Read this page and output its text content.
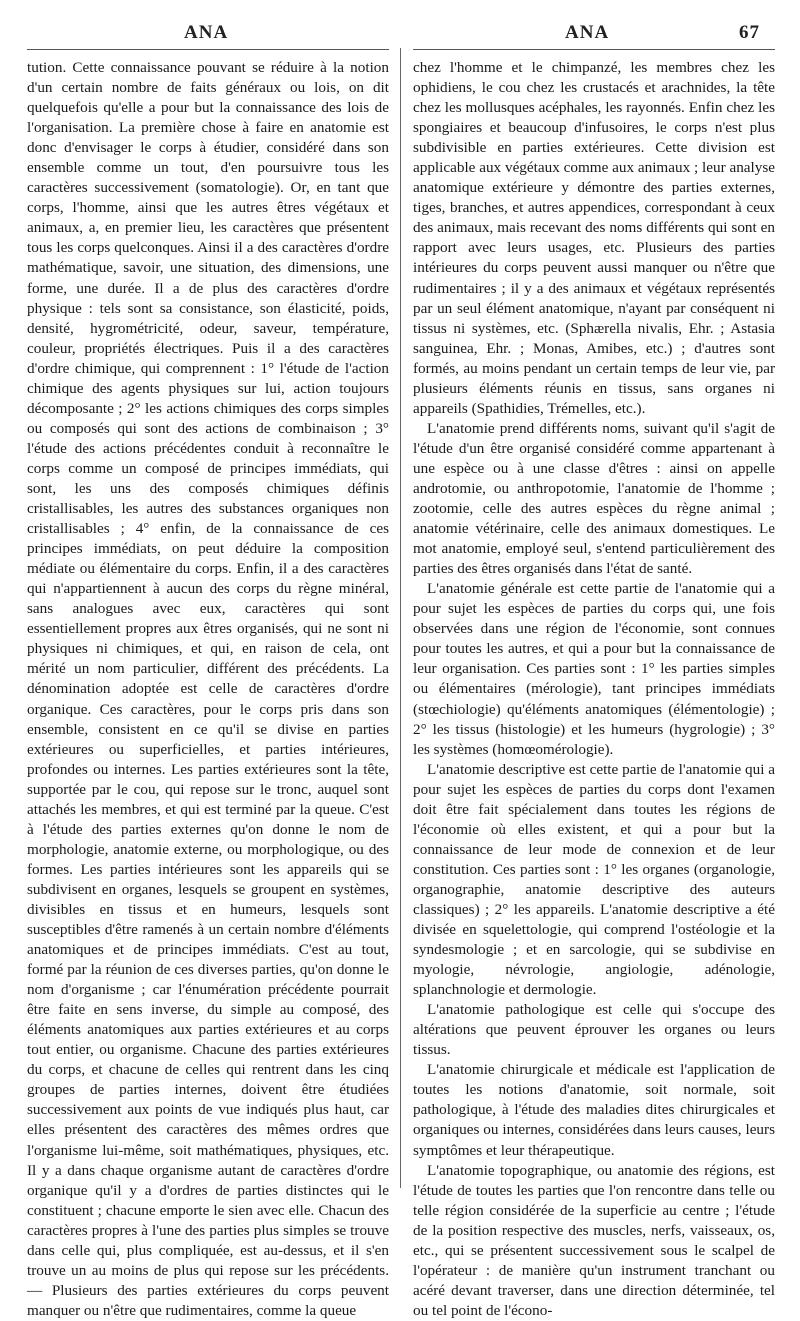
ANA	ANA	67

tution. Cette connaissance pouvant se réduire à la notion d'un certain nombre de faits généraux ou lois, on dit quelquefois qu'elle a pour but la connaissance des lois de l'organisation. La première chose à faire en anatomie est donc d'envisager le corps à étudier, considéré dans son ensemble comme un tout, d'en poursuivre tous les caractères successivement (somatologie). Or, en tant que corps, l'homme, ainsi que les autres êtres végétaux et animaux, a, en premier lieu, les caractères que présentent tous les corps quelconques. Ainsi il a des caractères d'ordre mathématique, savoir, une situation, des dimensions, une forme, une durée. Il a de plus des caractères d'ordre physique : tels sont sa consistance, son élasticité, poids, densité, hygrométricité, odeur, saveur, température, couleur, propriétés électriques. Puis il a des caractères d'ordre chimique, qui comprennent : 1° l'étude de l'action chimique des agents physiques sur lui, action toujours décomposante ; 2° les actions chimiques des corps simples ou composés qui sont des actions de combinaison ; 3° l'étude des actions précédentes conduit à reconnaître le corps comme un composé de principes immédiats, qui sont, les uns des composés chimiques définis cristallisables, les autres des substances organiques non cristallisables ; 4° enfin, de la connaissance de ces principes immédiats, on peut déduire la composition médiate ou élémentaire du corps. Enfin, il a des caractères qui n'appartiennent à aucun des corps du règne minéral, sans analogues avec eux, caractères qui sont essentiellement propres aux êtres organisés, qui ne sont ni physiques ni chimiques, et qui, en raison de cela, ont mérité un nom particulier, différent des précédents. La dénomination adoptée est celle de caractères d'ordre organique. Ces caractères, pour le corps pris dans son ensemble, consistent en ce qu'il se divise en parties extérieures ou superficielles, et parties intérieures, profondes ou internes. Les parties extérieures sont la tête, supportée par le cou, qui repose sur le tronc, auquel sont attachés les membres, et qui est terminé par la queue. C'est à l'étude des parties externes qu'on donne le nom de morphologie, anatomie externe, ou morphologique, ou des formes. Les parties intérieures sont les appareils qui se subdivisent en organes, lesquels se groupent en systèmes, divisibles en tissus et en humeurs, lesquels sont susceptibles d'être ramenés à un certain nombre d'éléments anatomiques et de principes immédiats. C'est au tout, formé par la réunion de ces diverses parties, qu'on donne le nom d'organisme ; car l'énumération précédente pourrait être faite en sens inverse, du simple au composé, des éléments anatomiques aux parties extérieures et au corps tout entier, ou organisme. Chacune des parties extérieures du corps, et chacune de celles qui rentrent dans les cinq groupes de parties internes, doivent être étudiées successivement aux points de vue indiqués plus haut, car elles présentent des caractères des mêmes ordres que l'organisme lui-même, soit mathématiques, physiques, etc. Il y a dans chaque organisme autant de caractères d'ordre organique qu'il y a d'ordres de parties distinctes qui le constituent ; chacune emporte le sien avec elle. Chacun des caractères propres à l'une des parties plus simples se trouve dans celle qui, plus compliquée, est au-dessus, et il s'en trouve un au moins de plus qui repose sur les précédents. — Plusieurs des parties extérieures du corps peuvent manquer ou n'être que rudimentaires, comme la queue

chez l'homme et le chimpanzé, les membres chez les ophidiens, le cou chez les crustacés et arachnides, la tête chez les mollusques acéphales, les rayonnés. Enfin chez les spongiaires et beaucoup d'infusoires, le corps n'est plus subdivisible en parties extérieures. Cette division est applicable aux végétaux comme aux animaux ; leur analyse anatomique extérieure y démontre des parties externes, tiges, branches, et autres appendices, correspondant à ceux des animaux, mais recevant des noms différents qui sont en rapport avec leurs usages, etc. Plusieurs des parties intérieures du corps peuvent aussi manquer ou n'être que rudimentaires ; il y a des animaux et végétaux représentés par un seul élément anatomique, n'ayant par conséquent ni tissus ni systèmes, etc. (Sphærella nivalis, Ehr. ; Astasia sanguinea, Ehr. ; Monas, Amibes, etc.) ; d'autres sont formés, au moins pendant un certain temps de leur vie, par plusieurs éléments réunis en tissus, sans organes ni appareils (Spathidies, Trémelles, etc.).

L'anatomie prend différents noms, suivant qu'il s'agit de l'étude d'un être organisé considéré comme appartenant à une espèce ou à une classe d'êtres : ainsi on appelle androtomie, ou anthropotomie, l'anatomie de l'homme ; zootomie, celle des autres espèces du règne animal ; anatomie vétérinaire, celle des animaux domestiques. Le mot anatomie, employé seul, s'entend particulièrement des parties des êtres organisés dans l'état de santé.

L'anatomie générale est cette partie de l'anatomie qui a pour sujet les espèces de parties du corps qui, une fois observées dans une région de l'économie, sont connues pour toutes les autres, et qui a pour but la connaissance de leur organisation. Ces parties sont : 1° les parties simples ou élémentaires (mérologie), tant principes immédiats (stœchiologie) qu'éléments anatomiques (élémentologie) ; 2° les tissus (histologie) et les humeurs (hygrologie) ; 3° les systèmes (homœomérologie).

L'anatomie descriptive est cette partie de l'anatomie qui a pour sujet les espèces de parties du corps dont l'examen doit être fait spécialement dans toutes les régions de l'économie où elles existent, et qui a pour but la connaissance de leur mode de connexion et de leur constitution. Ces parties sont : 1° les organes (organologie, organographie, anatomie descriptive des auteurs classiques) ; 2° les appareils. L'anatomie descriptive a été divisée en squelettologie, qui comprend l'ostéologie et la syndesmologie ; et en sarcologie, qui se subdivise en myologie, névrologie, angiologie, adénologie, splanchnologie et dermologie.

L'anatomie pathologique est celle qui s'occupe des altérations que peuvent éprouver les organes ou leurs tissus.

L'anatomie chirurgicale et médicale est l'application de toutes les notions d'anatomie, soit normale, soit pathologique, à l'étude des maladies dites chirurgicales et organiques ou internes, considérées dans leurs causes, leurs symptômes et leur thérapeutique.

L'anatomie topographique, ou anatomie des régions, est l'étude de toutes les parties que l'on rencontre dans telle ou telle région considérée de la superficie au centre ; l'étude de la position respective des muscles, nerfs, vaisseaux, os, etc., qui se présentent successivement sous le scalpel de l'opérateur : de manière qu'un instrument tranchant ou acéré devant traverser, dans une direction déterminée, tel ou tel point de l'écono-
